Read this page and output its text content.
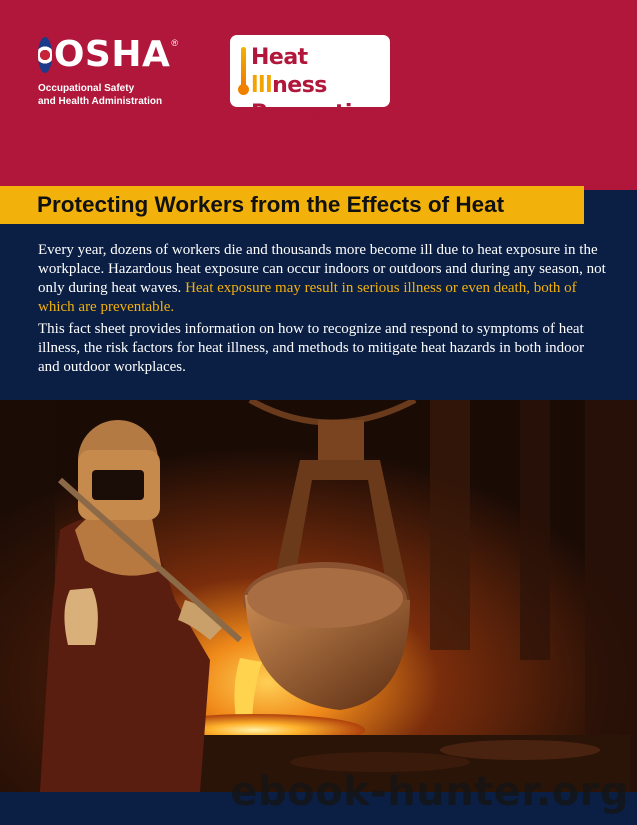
OSHA ®
Occupational Safety
and Health Administration
Heat lllness
Prevention
Protecting Workers from the Effects of Heat

Every year, dozens of workers die and thousands more become ill due to heat exposure in the workplace. Hazardous heat exposure can occur indoors or outdoors and during any season, not only during heat waves. Heat exposure may result in serious illness or even death, both of which are preventable.

This fact sheet provides information on how to recognize and respond to symptoms of heat illness, the risk factors for heat illness, and methods to mitigate heat hazards in both indoor and outdoor workplaces.

ebook-hunter.org
